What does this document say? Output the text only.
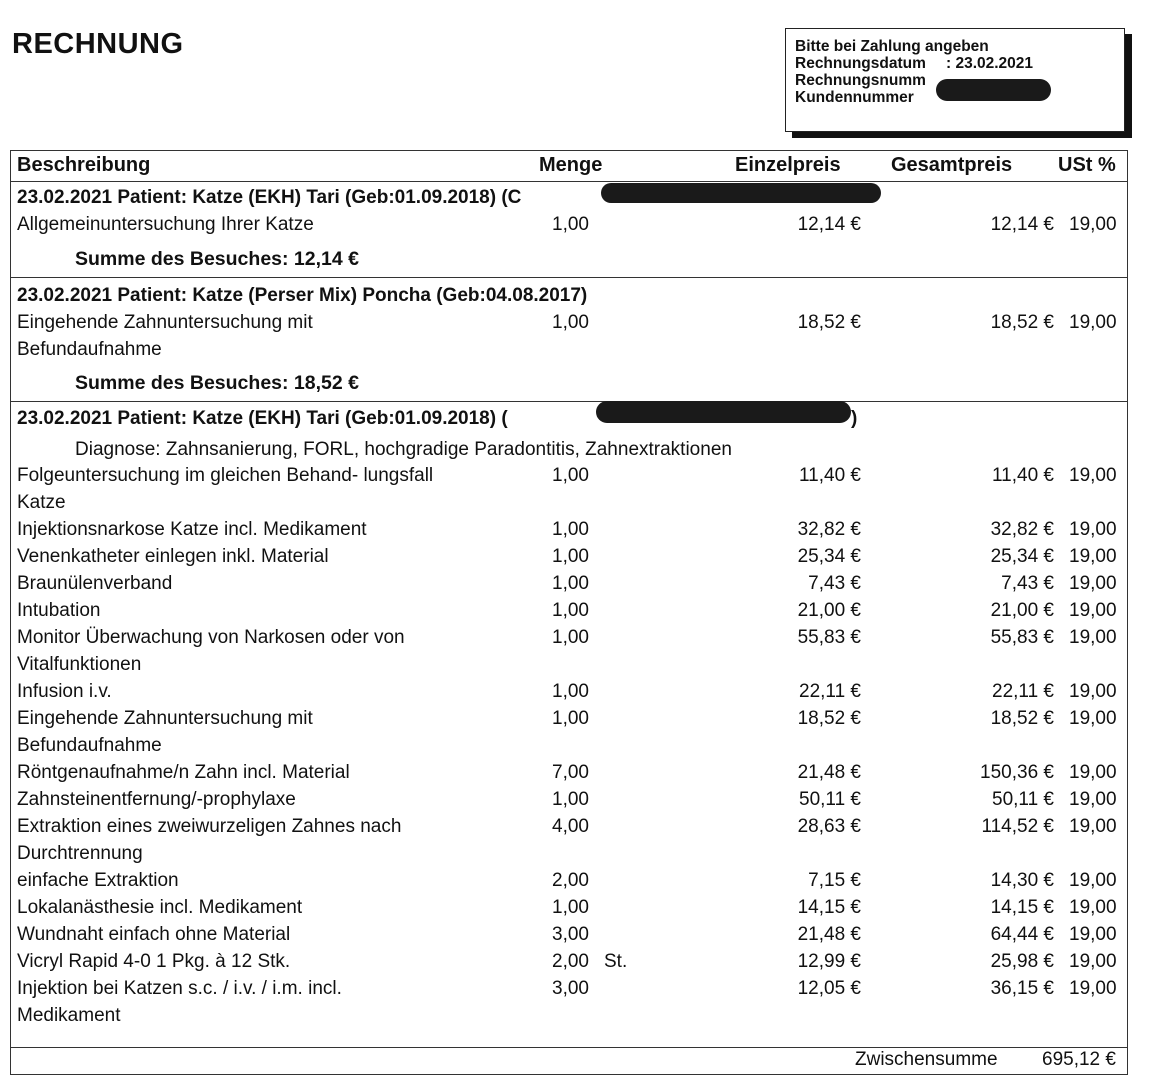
RECHNUNG	Bitte bei Zahlung angeben
Rechnungsdatum : 23.02.2021
Rechnungsnumm
Kundennummer
Beschreibung	Menge	Einzelpreis	Gesamtpreis USt %
23.02.2021 Patient: Katze (EKH) Tari (Geb:01.09.2018) (C
Allgemeinuntersuchung Ihrer Katze	1,00	12,14 €	12,14 € 19,00
Summe des Besuches: 12,14 €
23.02.2021 Patient: Katze (Perser Mix) Poncha (Geb:04.08.2017)
Eingehende Zahnuntersuchung mit
Befundaufnahme
1,00	18,52 €	18,52 € 19,00
Summe des Besuches: 18,52 €
23.02.2021 Patient: Katze (EKH) Tari (Geb:01.09.2018) (	)
Diagnose: Zahnsanierung, FORL, hochgradige Paradontitis, Zahnextraktionen
Folgeuntersuchung im gleichen Behand- lungsfall	1,00	11,40 €	11,40 € 19,00
Katze
Injektionsnarkose Katze incl. Medikament	1,00	32,82 €	32,82 € 19,00
Venenkatheter einlegen inkl. Material	1,00	25,34 €	25,34 € 19,00
Braunülenverband	1,00	7,43 €	7,43 € 19,00
Intubation	1,00	21,00 €	21,00 € 19,00
Monitor Überwachung von Narkosen oder von	1,00	55,83 €	55,83 € 19,00
Vitalfunktionen
Infusion i.v.	1,00	22,11 €	22,11 € 19,00
Eingehende Zahnuntersuchung mit	1,00	18,52 €	18,52 € 19,00
Befundaufnahme
Röntgenaufnahme/n Zahn incl. Material	7,00	21,48 €	150,36 € 19,00
Zahnsteinentfernung/-prophylaxe	1,00	50,11 €	50,11 € 19,00
Extraktion eines zweiwurzeligen Zahnes nach	4,00	28,63 €	114,52 € 19,00
Durchtrennung
einfache Extraktion	2,00	7,15 €	14,30 € 19,00
Lokalanästhesie incl. Medikament	1,00	14,15 €	14,15 € 19,00
Wundnaht einfach ohne Material	3,00	21,48 €	64,44 € 19,00
Vicryl Rapid 4-0 1 Pkg. à 12 Stk.	2,00 St.	12,99 €	25,98 € 19,00
Injektion bei Katzen s.c. / i.v. / i.m. incl.	3,00	12,05 €	36,15 € 19,00
Medikament
Zwischensumme 695,12 €
